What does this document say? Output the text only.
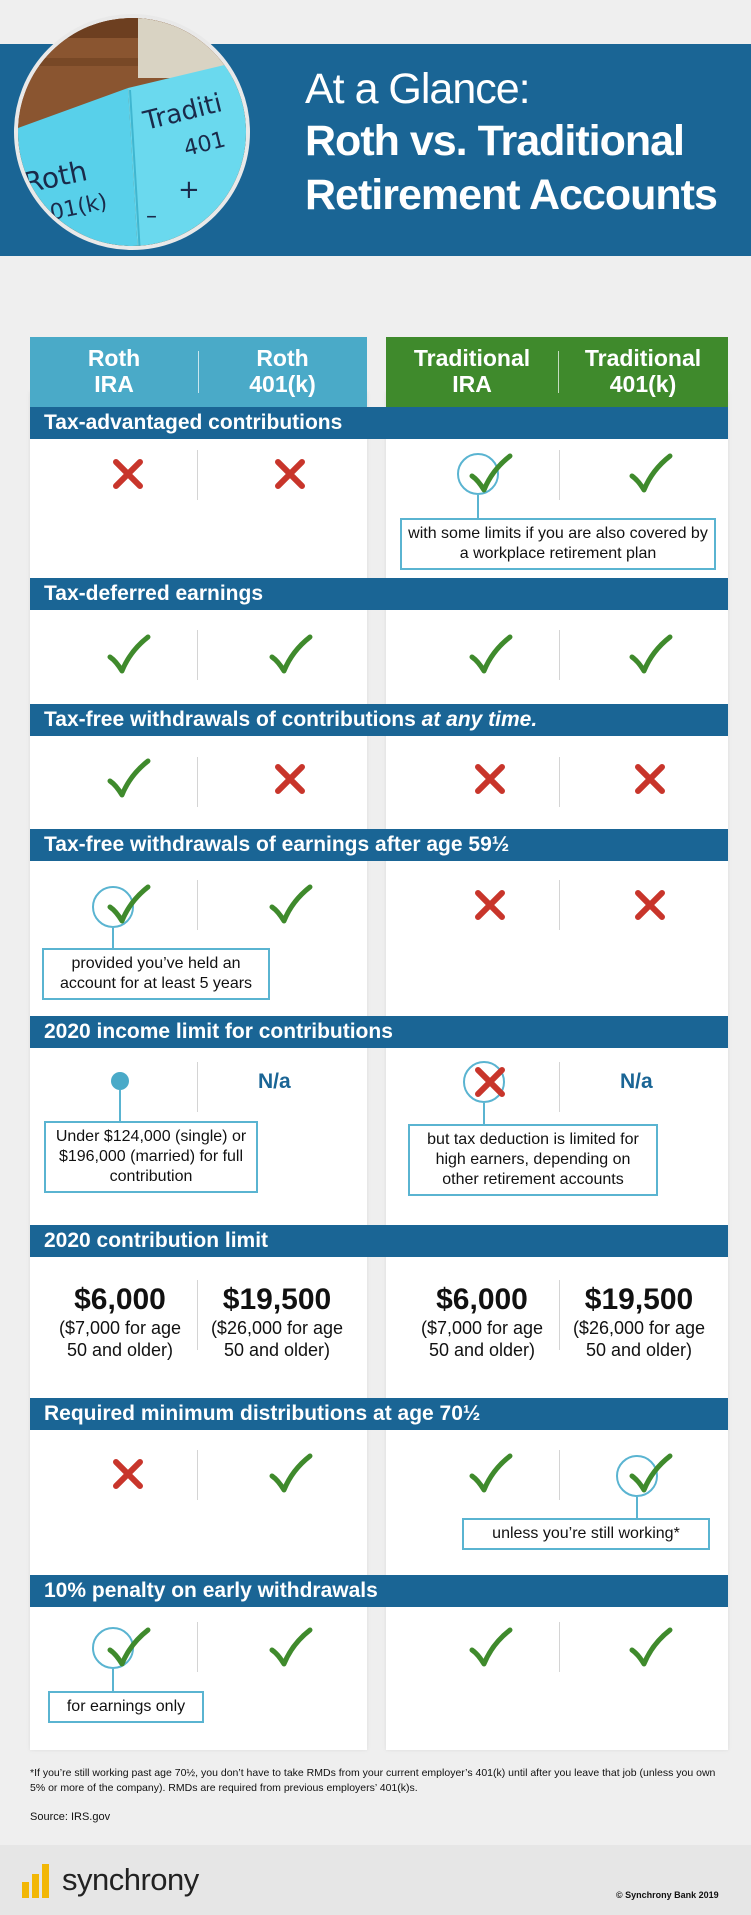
Roth
401(k)
Traditi
401
+
–
At a Glance:
Roth vs. Traditional
Retirement Accounts
Roth
IRA
Roth
401(k)
Traditional
IRA
Traditional
401(k)
Tax-advantaged contributions
Tax-deferred earnings
Tax-free withdrawals of contributions at any time.
Tax-free withdrawals of earnings after age 59½
2020 income limit for contributions
2020 contribution limit
Required minimum distributions at age 70½
10% penalty on early withdrawals
N/a	N/a
with some limits if you are also covered by a workplace retirement plan
provided you’ve held an account for at least 5 years
Under $124,000 (single) or $196,000 (married) for full contribution
but tax deduction is limited for high earners, depending on other retirement accounts
unless you’re still working*
for earnings only
$6,000
($7,000 for age 50 and older)
$19,500
($26,000 for age 50 and older)
$6,000
($7,000 for age 50 and older)
$19,500
($26,000 for age 50 and older)
*If you’re still working past age 70½, you don’t have to take RMDs from your current employer’s 401(k) until after you leave that job (unless you own 5% or more of the company). RMDs are required from previous employers’ 401(k)s.
Source: IRS.gov
synchrony	© Synchrony Bank 2019
